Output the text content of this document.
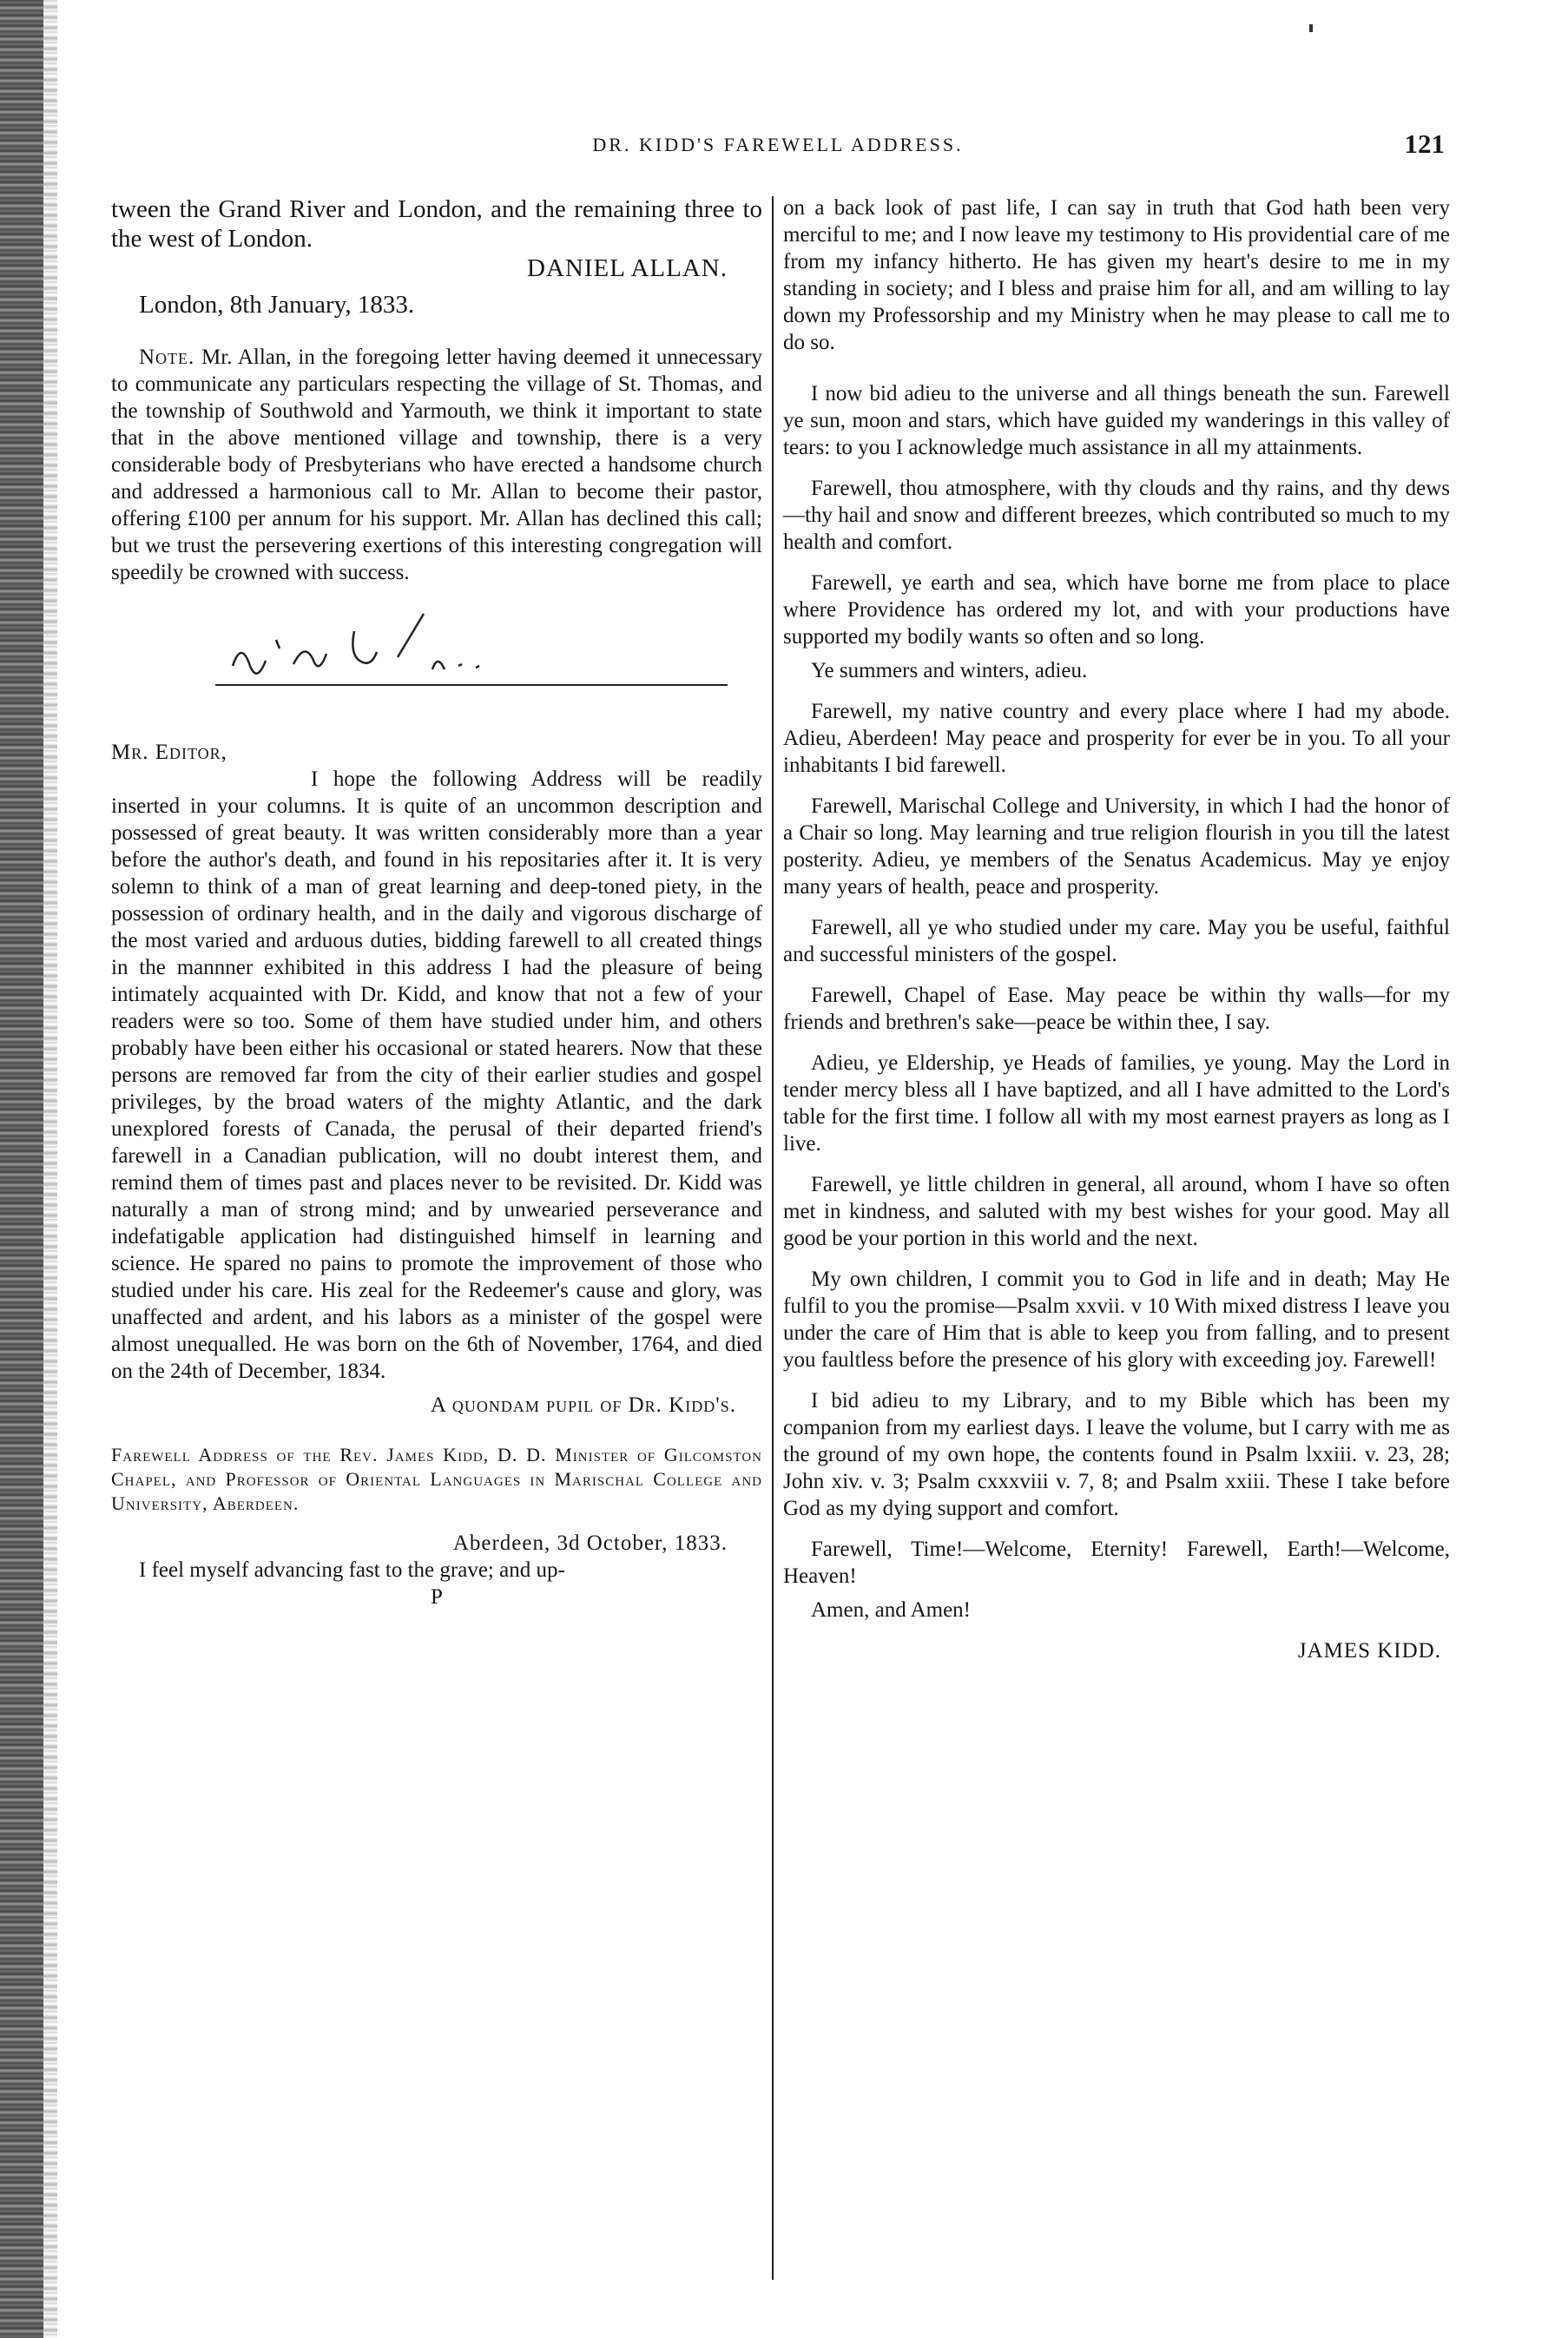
DR. KIDD'S FAREWELL ADDRESS.	121

tween the Grand River and London, and the remaining three to the west of London.

DANIEL ALLAN.

London, 8th January, 1833.

Note. Mr. Allan, in the foregoing letter having deemed it unnecessary to communicate any particulars respecting the village of St. Thomas, and the township of Southwold and Yarmouth, we think it important to state that in the above mentioned village and township, there is a very considerable body of Presbyterians who have erected a handsome church and addressed a harmonious call to Mr. Allan to become their pastor, offering £100 per annum for his support. Mr. Allan has declined this call; but we trust the persevering exertions of this interesting congregation will speedily be crowned with success.

Mr. Editor,

I hope the following Address will be readily inserted in your columns. It is quite of an uncommon description and possessed of great beauty. It was written considerably more than a year before the author's death, and found in his repositaries after it. It is very solemn to think of a man of great learning and deep-toned piety, in the possession of ordinary health, and in the daily and vigorous discharge of the most varied and arduous duties, bidding farewell to all created things in the mannner exhibited in this address I had the pleasure of being intimately acquainted with Dr. Kidd, and know that not a few of your readers were so too. Some of them have studied under him, and others probably have been either his occasional or stated hearers. Now that these persons are removed far from the city of their earlier studies and gospel privileges, by the broad waters of the mighty Atlantic, and the dark unexplored forests of Canada, the perusal of their departed friend's farewell in a Canadian publication, will no doubt interest them, and remind them of times past and places never to be revisited. Dr. Kidd was naturally a man of strong mind; and by unwearied perseverance and indefatigable application had distinguished himself in learning and science. He spared no pains to promote the improvement of those who studied under his care. His zeal for the Redeemer's cause and glory, was unaffected and ardent, and his labors as a minister of the gospel were almost unequalled. He was born on the 6th of November, 1764, and died on the 24th of December, 1834.

A quondam pupil of Dr. Kidd's.

Farewell Address of the Rev. James Kidd, D. D. Minister of Gilcomston Chapel, and Professor of Oriental Languages in Marischal College and University, Aberdeen.

Aberdeen, 3d October, 1833.

I feel myself advancing fast to the grave; and up-

P

on a back look of past life, I can say in truth that God hath been very merciful to me; and I now leave my testimony to His providential care of me from my infancy hitherto. He has given my heart's desire to me in my standing in society; and I bless and praise him for all, and am willing to lay down my Professorship and my Ministry when he may please to call me to do so.

I now bid adieu to the universe and all things beneath the sun. Farewell ye sun, moon and stars, which have guided my wanderings in this valley of tears: to you I acknowledge much assistance in all my attainments.

Farewell, thou atmosphere, with thy clouds and thy rains, and thy dews—thy hail and snow and different breezes, which contributed so much to my health and comfort.

Farewell, ye earth and sea, which have borne me from place to place where Providence has ordered my lot, and with your productions have supported my bodily wants so often and so long.

Ye summers and winters, adieu.

Farewell, my native country and every place where I had my abode. Adieu, Aberdeen! May peace and prosperity for ever be in you. To all your inhabitants I bid farewell.

Farewell, Marischal College and University, in which I had the honor of a Chair so long. May learning and true religion flourish in you till the latest posterity. Adieu, ye members of the Senatus Academicus. May ye enjoy many years of health, peace and prosperity.

Farewell, all ye who studied under my care. May you be useful, faithful and successful ministers of the gospel.

Farewell, Chapel of Ease. May peace be within thy walls—for my friends and brethren's sake—peace be within thee, I say.

Adieu, ye Eldership, ye Heads of families, ye young. May the Lord in tender mercy bless all I have baptized, and all I have admitted to the Lord's table for the first time. I follow all with my most earnest prayers as long as I live.

Farewell, ye little children in general, all around, whom I have so often met in kindness, and saluted with my best wishes for your good. May all good be your portion in this world and the next.

My own children, I commit you to God in life and in death; May He fulfil to you the promise—Psalm xxvii. v 10 With mixed distress I leave you under the care of Him that is able to keep you from falling, and to present you faultless before the presence of his glory with exceeding joy. Farewell!

I bid adieu to my Library, and to my Bible which has been my companion from my earliest days. I leave the volume, but I carry with me as the ground of my own hope, the contents found in Psalm lxxiii. v. 23, 28; John xiv. v. 3; Psalm cxxxviii v. 7, 8; and Psalm xxiii. These I take before God as my dying support and comfort.

Farewell, Time!—Welcome, Eternity! Farewell, Earth!—Welcome, Heaven!

Amen, and Amen!

JAMES KIDD.
